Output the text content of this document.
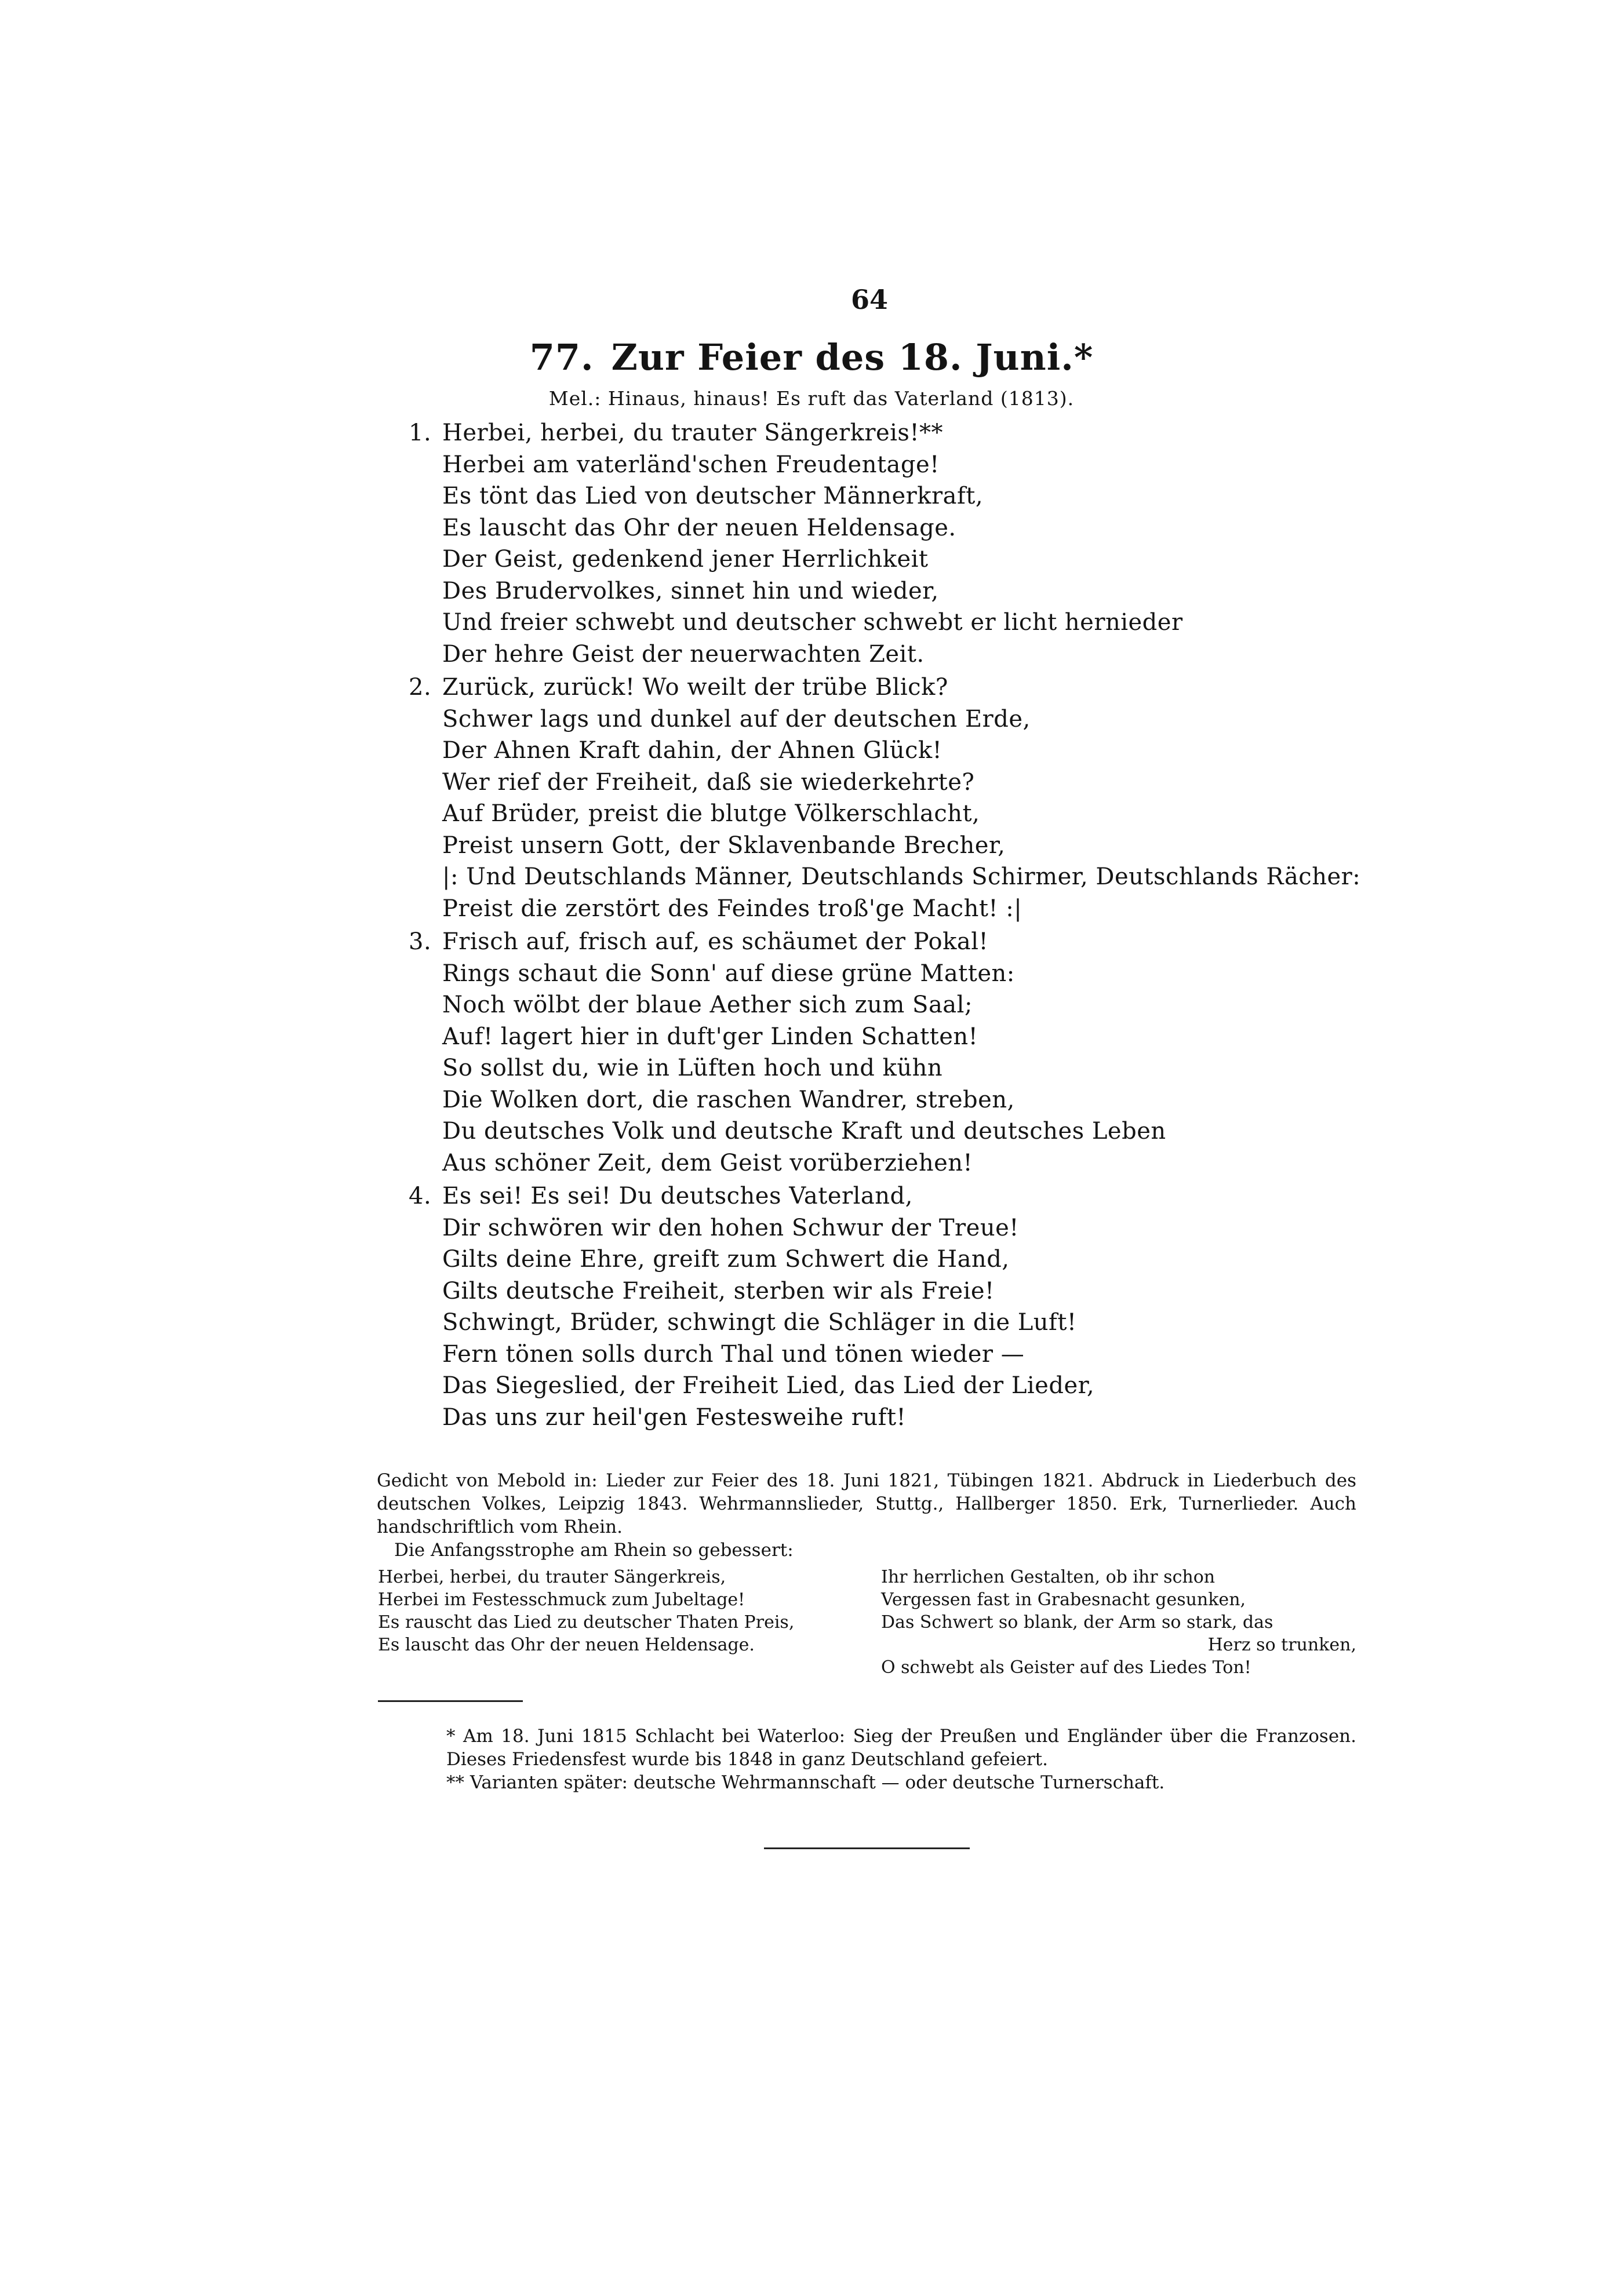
64
77. Zur Feier des 18. Juni.*
Mel.: Hinaus, hinaus! Es ruft das Vaterland (1813).
1. Herbei, herbei, du trauter Sängerkreis!**
Herbei am vaterländ'schen Freudentage!
Es tönt das Lied von deutscher Männerkraft,
Es lauscht das Ohr der neuen Heldensage.
Der Geist, gedenkend jener Herrlichkeit
Des Brudervolkes, sinnet hin und wieder,
Und freier schwebt und deutscher schwebt er licht hernieder
Der hehre Geist der neuerwachten Zeit.
2. Zurück, zurück! Wo weilt der trübe Blick?
Schwer lags und dunkel auf der deutschen Erde,
Der Ahnen Kraft dahin, der Ahnen Glück!
Wer rief der Freiheit, daß sie wiederkehrte?
Auf Brüder, preist die blutge Völkerschlacht,
Preist unsern Gott, der Sklavenbande Brecher,
|: Und Deutschlands Männer, Deutschlands Schirmer, Deutschlands Rächer:
Preist die zerstört des Feindes troß'ge Macht! :|
3. Frisch auf, frisch auf, es schäumet der Pokal!
Rings schaut die Sonn' auf diese grüne Matten:
Noch wölbt der blaue Aether sich zum Saal;
Auf! lagert hier in duft'ger Linden Schatten!
So sollst du, wie in Lüften hoch und kühn
Die Wolken dort, die raschen Wandrer, streben,
Du deutsches Volk und deutsche Kraft und deutsches Leben
Aus schöner Zeit, dem Geist vorüberziehen!
4. Es sei! Es sei! Du deutsches Vaterland,
Dir schwören wir den hohen Schwur der Treue!
Gilts deine Ehre, greift zum Schwert die Hand,
Gilts deutsche Freiheit, sterben wir als Freie!
Schwingt, Brüder, schwingt die Schläger in die Luft!
Fern tönen solls durch Thal und tönen wieder —
Das Siegeslied, der Freiheit Lied, das Lied der Lieder,
Das uns zur heil'gen Festesweihe ruft!

Gedicht von Mebold in: Lieder zur Feier des 18. Juni 1821, Tübingen 1821. Abdruck in Liederbuch des deutschen Volkes, Leipzig 1843. Wehrmannslieder, Stuttg., Hallberger 1850. Erk, Turnerlieder. Auch handschriftlich vom Rhein.

Die Anfangsstrophe am Rhein so gebessert:

Herbei, herbei, du trauter Sängerkreis,
Herbei im Festesschmuck zum Jubeltage!
Es rauscht das Lied zu deutscher Thaten Preis,
Es lauscht das Ohr der neuen Heldensage.
Ihr herrlichen Gestalten, ob ihr schon
Vergessen fast in Grabesnacht gesunken,
Das Schwert so blank, der Arm so stark, das
Herz so trunken,
O schwebt als Geister auf des Liedes Ton!

* Am 18. Juni 1815 Schlacht bei Waterloo: Sieg der Preußen und Engländer über die Franzosen. Dieses Friedensfest wurde bis 1848 in ganz Deutschland gefeiert.

** Varianten später: deutsche Wehrmannschaft — oder deutsche Turnerschaft.
